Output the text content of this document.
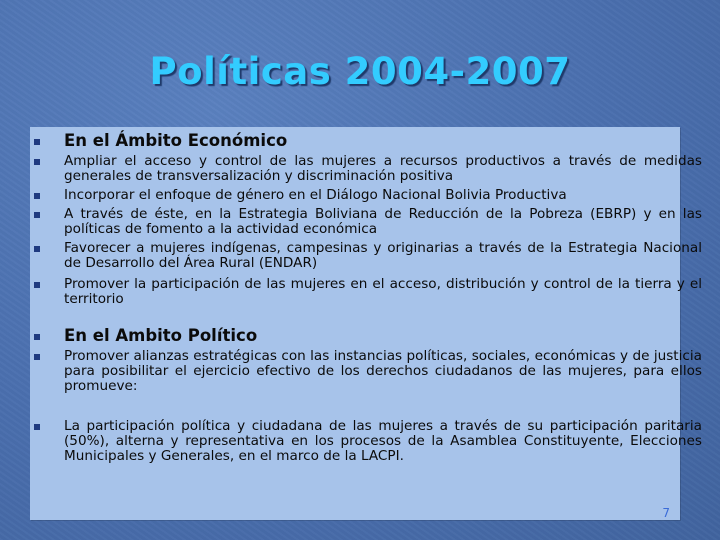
Políticas 2004-2007
En el Ámbito Económico
Ampliar el acceso y control de las mujeres a recursos productivos a través de medidas generales de transversalización y discriminación positiva
Incorporar el enfoque de género en el Diálogo Nacional Bolivia Productiva
A través de éste, en la Estrategia Boliviana de Reducción de la Pobreza (EBRP) y en las políticas de fomento a la actividad económica
Favorecer a mujeres indígenas, campesinas y originarias a través de la Estrategia Nacional de Desarrollo del Área Rural (ENDAR)
Promover la participación de las mujeres en el acceso, distribución y control de la tierra y el territorio
En el Ambito Político
Promover alianzas estratégicas con las instancias políticas, sociales, económicas y de justicia para posibilitar el ejercicio efectivo de los derechos ciudadanos de las mujeres, para ellos promueve:
La participación política y ciudadana de las mujeres a través de su participación paritaria (50%), alterna y representativa en los procesos de la Asamblea Constituyente, Elecciones Municipales y Generales, en el marco de la LACPI.
7
